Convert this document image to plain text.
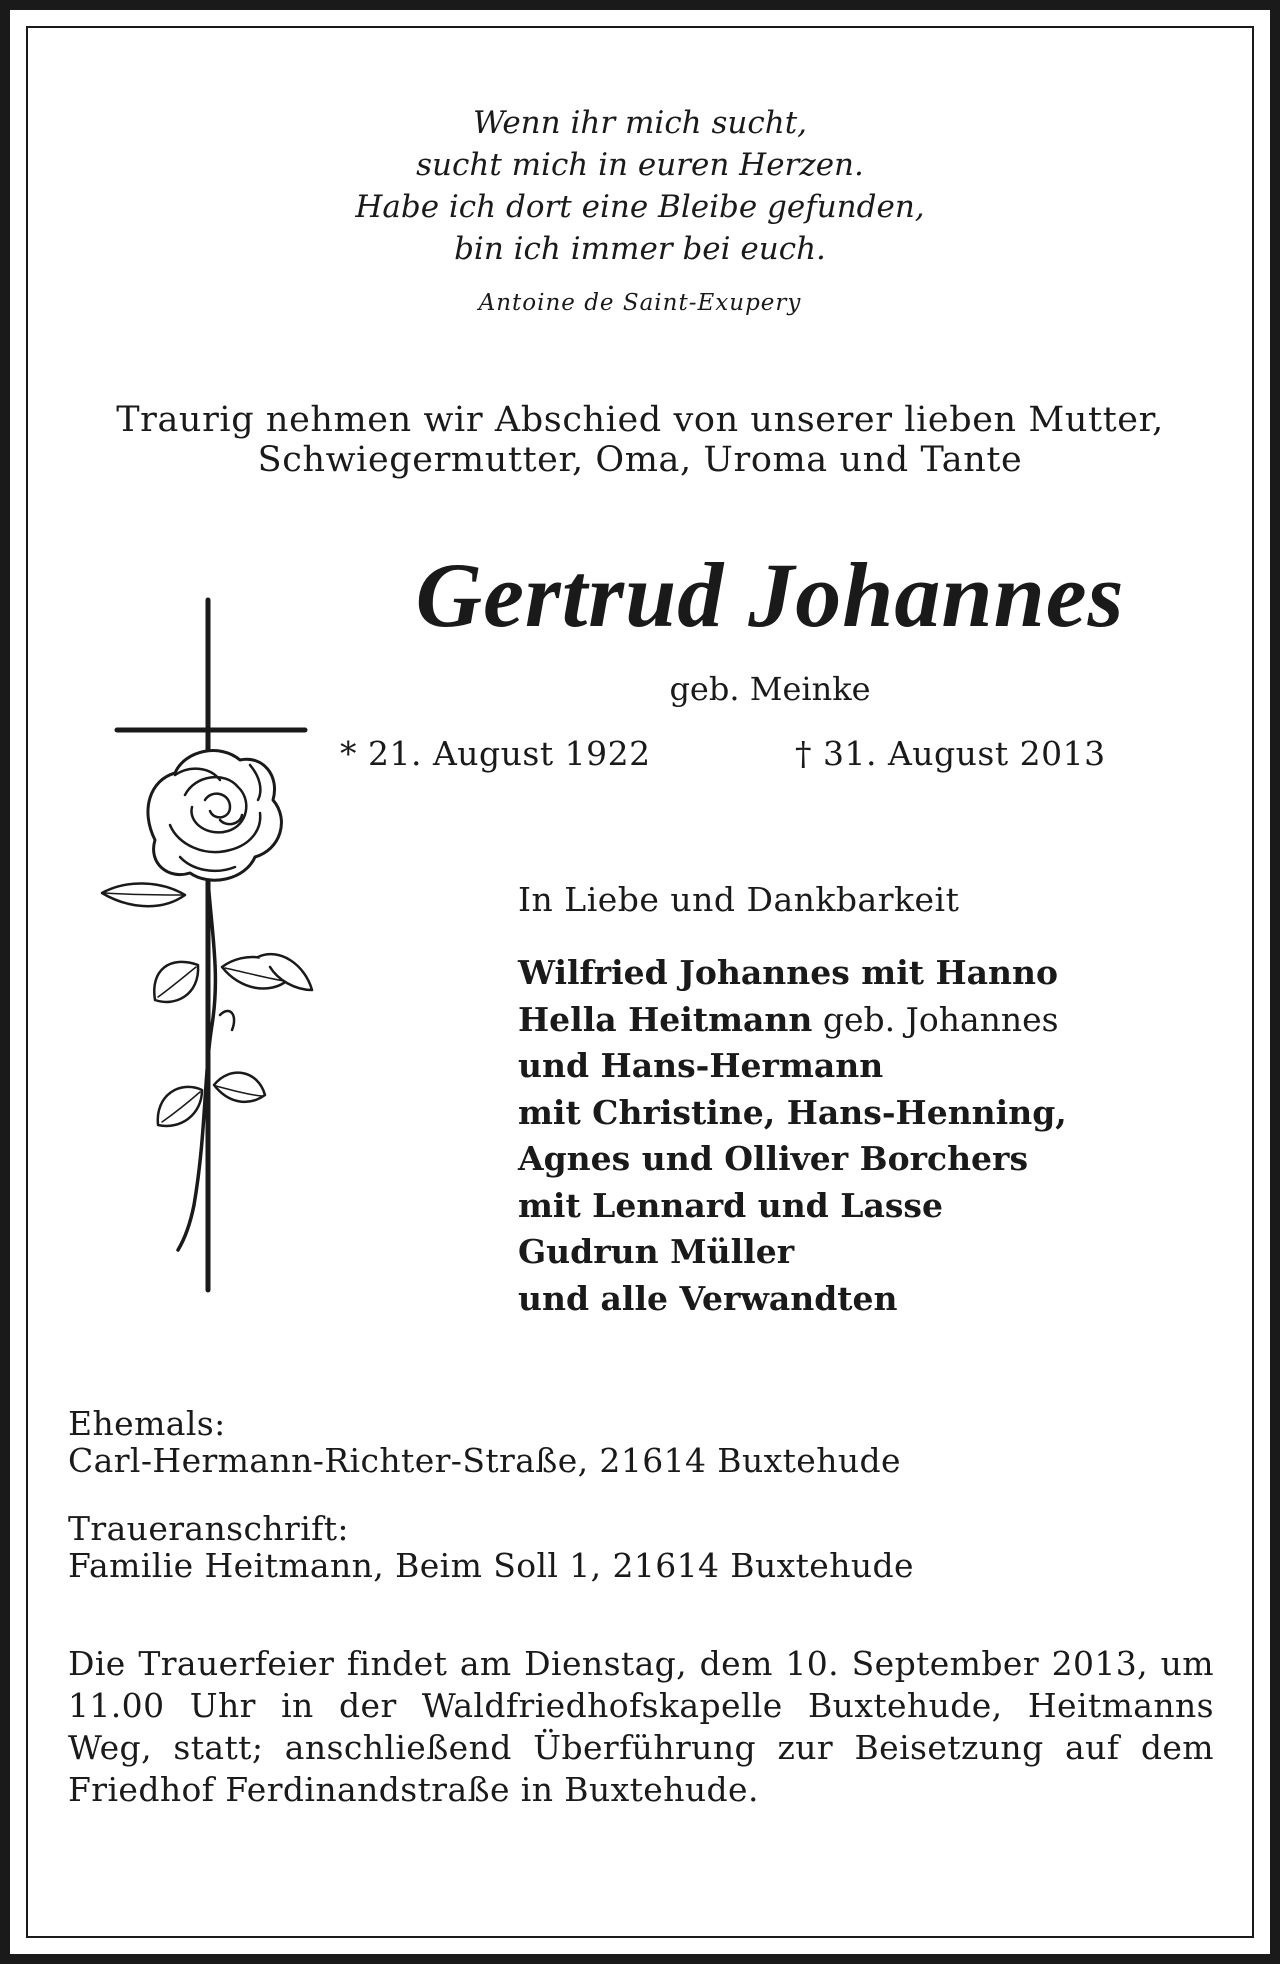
Wenn ihr mich sucht,
sucht mich in euren Herzen.
Habe ich dort eine Bleibe gefunden,
bin ich immer bei euch.
Antoine de Saint-Exupery
Traurig nehmen wir Abschied von unserer lieben Mutter,
Schwiegermutter, Oma, Uroma und Tante
Gertrud Johannes
geb. Meinke
* 21. August 1922	† 31. August 2013
In Liebe und Dankbarkeit
Wilfried Johannes mit Hanno
Hella Heitmann geb. Johannes
und Hans-Hermann
mit Christine, Hans-Henning,
Agnes und Olliver Borchers
mit Lennard und Lasse
Gudrun Müller
und alle Verwandten
Ehemals:
Carl-Hermann-Richter-Straße, 21614 Buxtehude
Traueranschrift:
Familie Heitmann, Beim Soll 1, 21614 Buxtehude
Die Trauerfeier findet am Dienstag, dem 10. September 2013, um 11.00 Uhr in der Waldfriedhofskapelle Buxtehude, Heitmanns Weg, statt; anschließend Überführung zur Beisetzung auf dem Friedhof Ferdinandstraße in Buxtehude.
